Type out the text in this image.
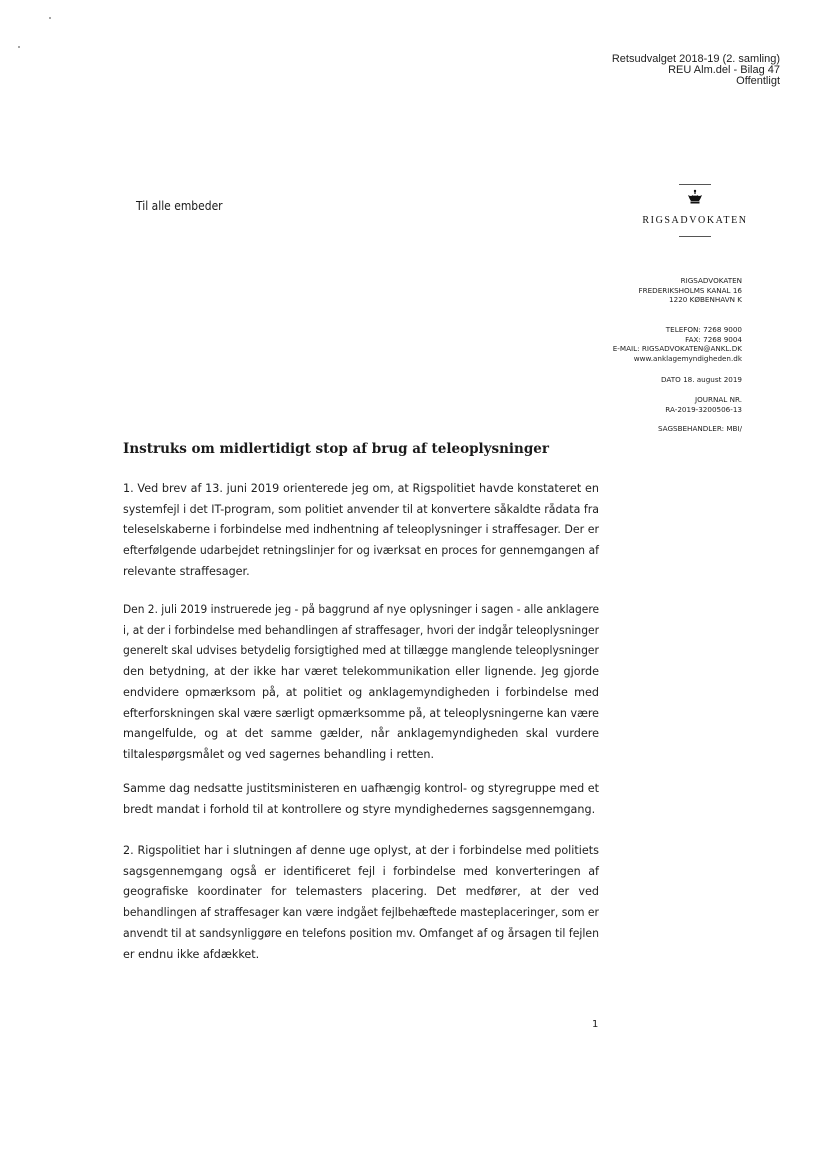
Retsudvalget 2018-19 (2. samling)
REU Alm.del - Bilag 47
Offentligt
Til alle embeder
RIGSADVOKATEN
RIGSADVOKATEN
FREDERIKSHOLMS KANAL 16
1220 KØBENHAVN K
TELEFON: 7268 9000
FAX: 7268 9004
E-MAIL: RIGSADVOKATEN@ANKL.DK
www.anklagemyndigheden.dk
DATO 18. august 2019
JOURNAL NR.
RA-2019-3200506-13
SAGSBEHANDLER: MBI/
Instruks om midlertidigt stop af brug af teleoplysninger
1. Ved brev af 13. juni 2019 orienterede jeg om, at Rigspolitiet havde konstateret en
systemfejl i det IT-program, som politiet anvender til at konvertere såkaldte rådata fra
teleselskaberne i forbindelse med indhentning af teleoplysninger i straffesager. Der er
efterfølgende udarbejdet retningslinjer for og iværksat en proces for gennemgangen af
relevante straffesager.
Den 2. juli 2019 instruerede jeg - på baggrund af nye oplysninger i sagen - alle anklagere
i, at der i forbindelse med behandlingen af straffesager, hvori der indgår teleoplysninger
generelt skal udvises betydelig forsigtighed med at tillægge manglende teleoplysninger
den betydning, at der ikke har været telekommunikation eller lignende. Jeg gjorde
endvidere opmærksom på, at politiet og anklagemyndigheden i forbindelse med
efterforskningen skal være særligt opmærksomme på, at teleoplysningerne kan være
mangelfulde, og at det samme gælder, når anklagemyndigheden skal vurdere
tiltalespørgsmålet og ved sagernes behandling i retten.
Samme dag nedsatte justitsministeren en uafhængig kontrol- og styregruppe med et
bredt mandat i forhold til at kontrollere og styre myndighedernes sagsgennemgang.
2. Rigspolitiet har i slutningen af denne uge oplyst, at der i forbindelse med politiets
sagsgennemgang også er identificeret fejl i forbindelse med konverteringen af
geografiske koordinater for telemasters placering. Det medfører, at der ved
behandlingen af straffesager kan være indgået fejlbehæftede masteplaceringer, som er
anvendt til at sandsynliggøre en telefons position mv. Omfanget af og årsagen til fejlen
er endnu ikke afdækket.
1
